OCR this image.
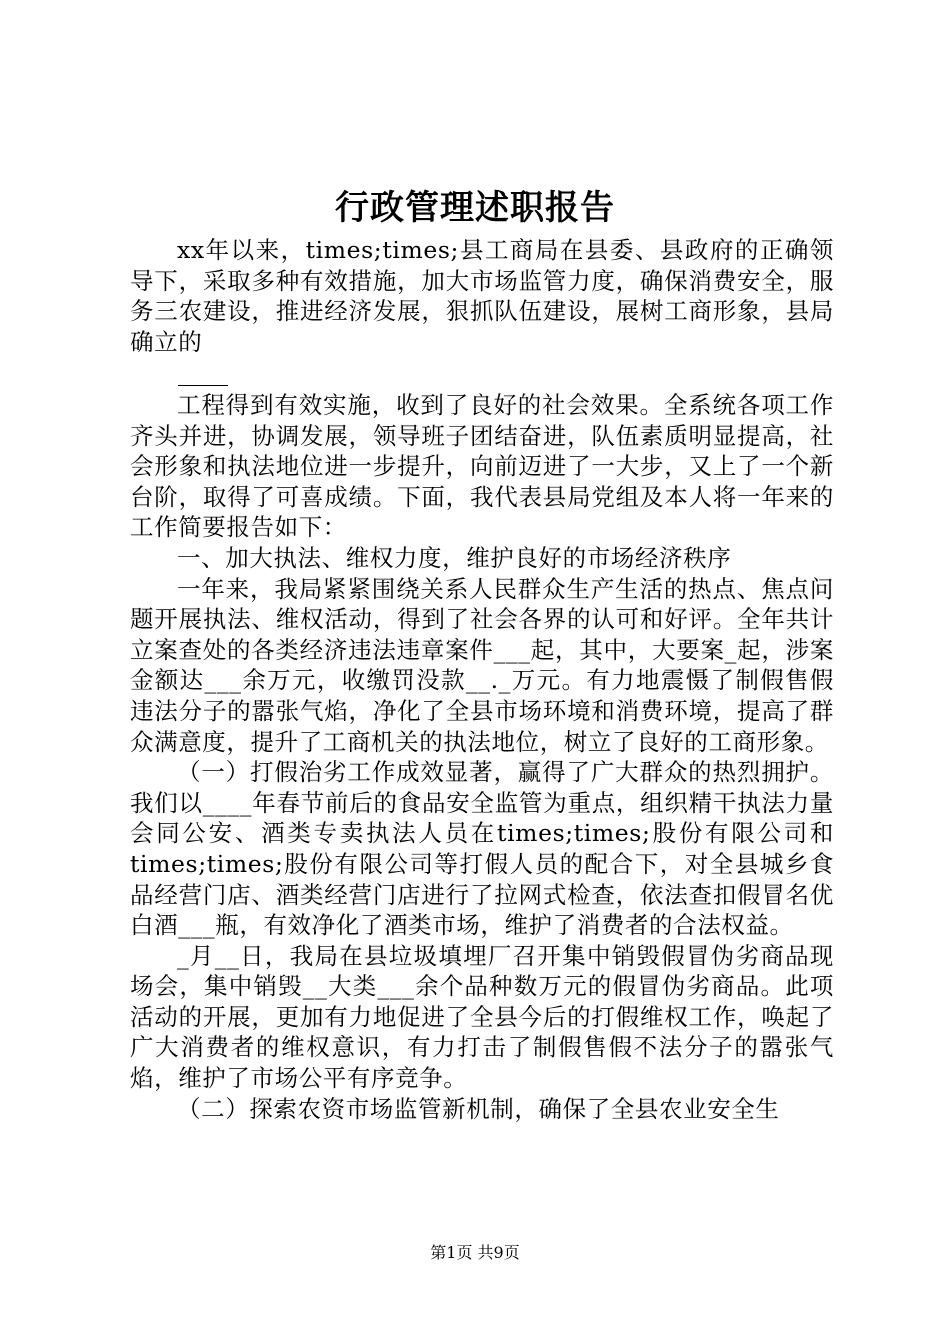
行政管理述职报告

xx年以来，times;times;县工商局在县委、县政府的正确领导下，采取多种有效措施，加大市场监管力度，确保消费安全，服务三农建设，推进经济发展，狠抓队伍建设，展树工商形象，县局确立的

工程得到有效实施，收到了良好的社会效果。全系统各项工作齐头并进，协调发展，领导班子团结奋进，队伍素质明显提高，社会形象和执法地位进一步提升，向前迈进了一大步，又上了一个新台阶，取得了可喜成绩。下面，我代表县局党组及本人将一年来的工作简要报告如下：

一、加大执法、维权力度，维护良好的市场经济秩序

一年来，我局紧紧围绕关系人民群众生产生活的热点、焦点问题开展执法、维权活动，得到了社会各界的认可和好评。全年共计立案查处的各类经济违法违章案件___起，其中，大要案_起，涉案金额达___余万元，收缴罚没款__._万元。有力地震慑了制假售假违法分子的嚣张气焰，净化了全县市场环境和消费环境，提高了群众满意度，提升了工商机关的执法地位，树立了良好的工商形象。

（一）打假治劣工作成效显著，赢得了广大群众的热烈拥护。我们以____年春节前后的食品安全监管为重点，组织精干执法力量会同公安、酒类专卖执法人员在times;times;股份有限公司和times;times;股份有限公司等打假人员的配合下，对全县城乡食品经营门店、酒类经营门店进行了拉网式检查，依法查扣假冒名优白酒___瓶，有效净化了酒类市场，维护了消费者的合法权益。

_月__日，我局在县垃圾填埋厂召开集中销毁假冒伪劣商品现场会，集中销毁__大类___余个品种数万元的假冒伪劣商品。此项活动的开展，更加有力地促进了全县今后的打假维权工作，唤起了广大消费者的维权意识，有力打击了制假售假不法分子的嚣张气焰，维护了市场公平有序竞争。

（二）探索农资市场监管新机制，确保了全县农业安全生

第1页 共9页
